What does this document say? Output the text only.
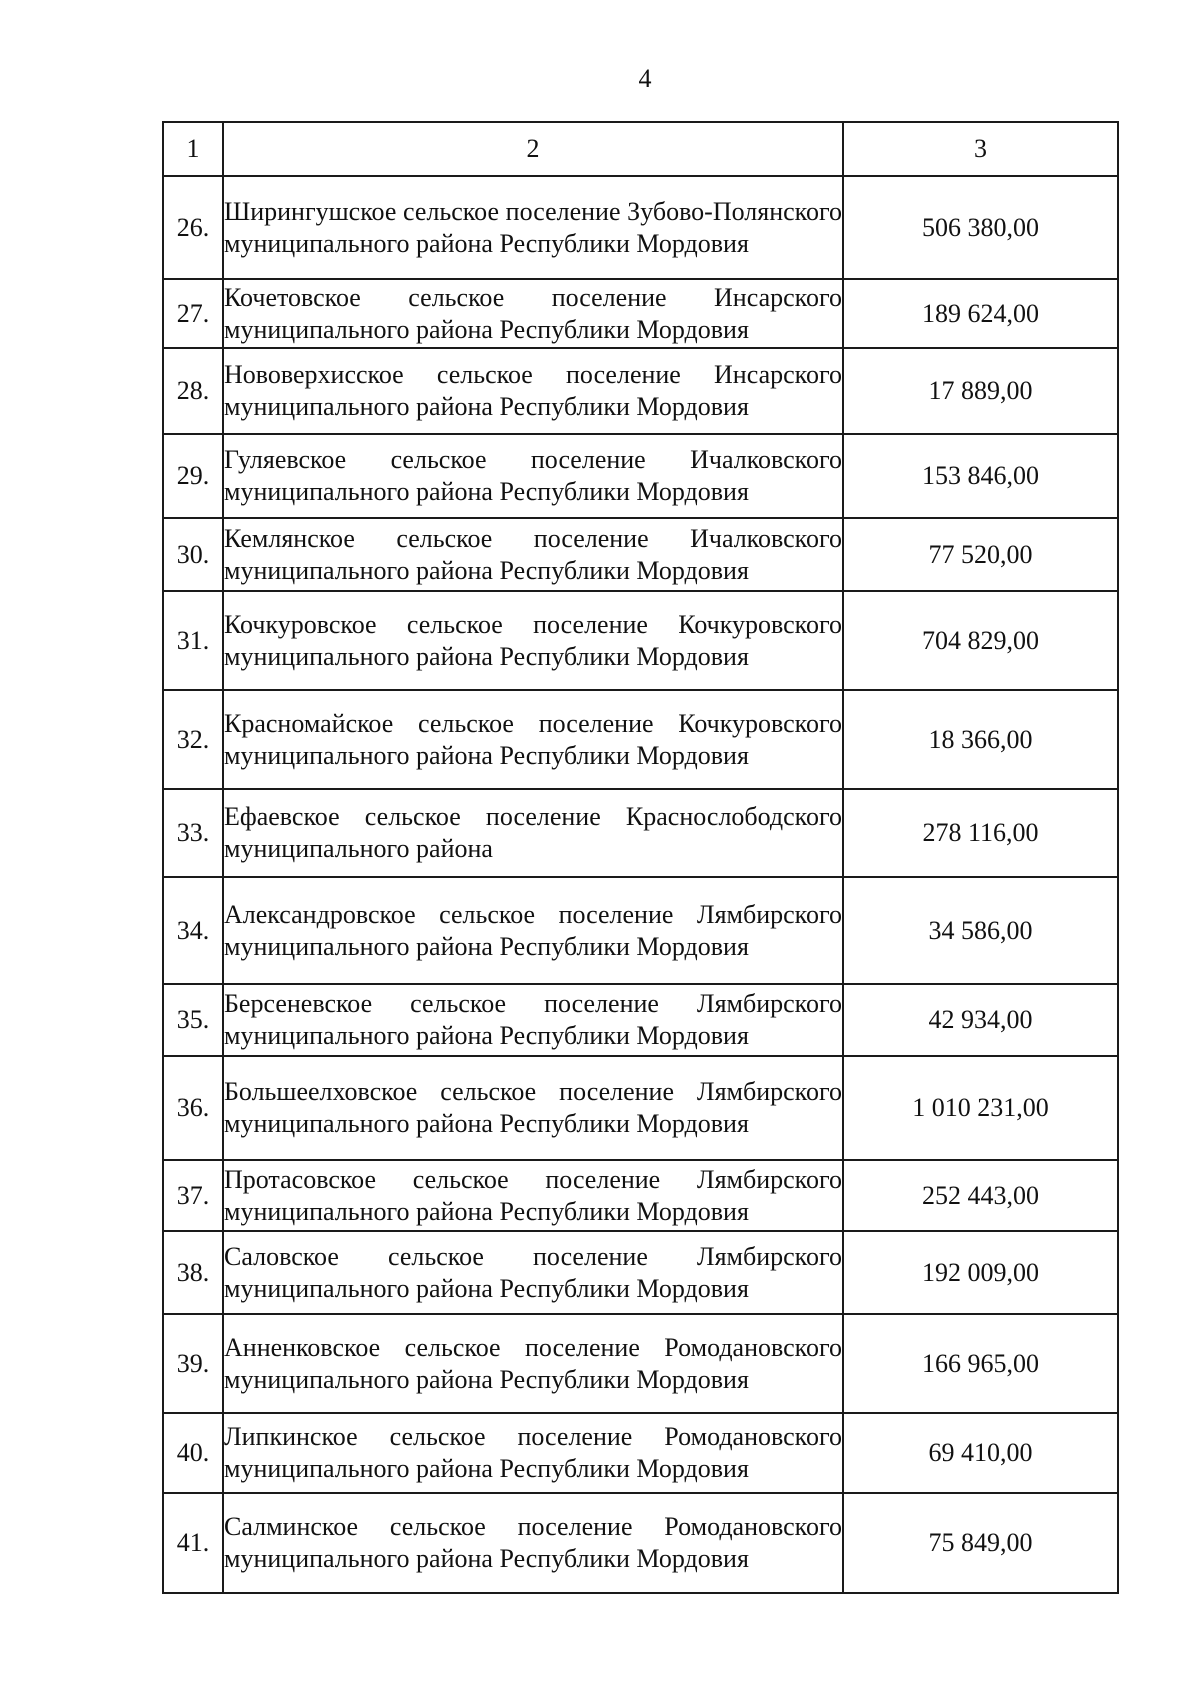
4
1	2	3
26.	Ширингушское сельское поселение Зубово-Полянского муниципального района Республики Мордовия	506 380,00
27.	Кочетовское сельское поселение Инсарского муниципального района Республики Мордовия	189 624,00
28.	Нововерхисское сельское поселение Инсарского муниципального района Республики Мордовия	17 889,00
29.	Гуляевское сельское поселение Ичалковского муниципального района Республики Мордовия	153 846,00
30.	Кемлянское сельское поселение Ичалковского муниципального района Республики Мордовия	77 520,00
31.	Кочкуровское сельское поселение Кочкуровского муниципального района Республики Мордовия	704 829,00
32.	Красномайское сельское поселение Кочкуровского муниципального района Республики Мордовия	18 366,00
33.	Ефаевское сельское поселение Краснослободского муниципального района	278 116,00
34.	Александровское сельское поселение Лямбирского муниципального района Республики Мордовия	34 586,00
35.	Берсеневское сельское поселение Лямбирского муниципального района Республики Мордовия	42 934,00
36.	Большеелховское сельское поселение Лямбирского муниципального района Республики Мордовия	1 010 231,00
37.	Протасовское сельское поселение Лямбирского муниципального района Республики Мордовия	252 443,00
38.	Саловское сельское поселение Лямбирского муниципального района Республики Мордовия	192 009,00
39.	Анненковское сельское поселение Ромодановского муниципального района Республики Мордовия	166 965,00
40.	Липкинское сельское поселение Ромодановского муниципального района Республики Мордовия	69 410,00
41.	Салминское сельское поселение Ромодановского муниципального района Республики Мордовия	75 849,00
